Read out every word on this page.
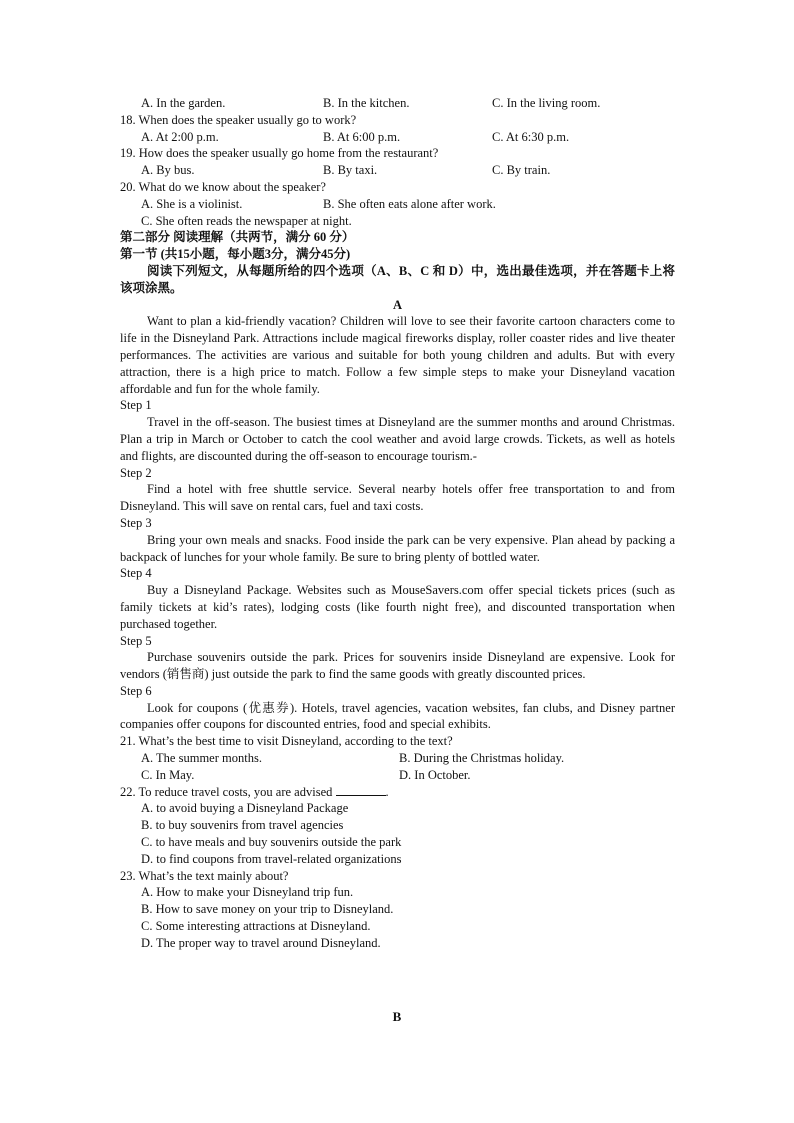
A. In the garden.	B. In the kitchen.	C. In the living room.
18. When does the speaker usually go to work?
A. At 2:00 p.m.	B. At 6:00 p.m.	C. At 6:30 p.m.
19. How does the speaker usually go home from the restaurant?
A. By bus.	B. By taxi.	C. By train.
20. What do we know about the speaker?
A. She is a violinist.	B. She often eats alone after work.
C. She often reads the newspaper at night.
第二部分 阅读理解（共两节，满分 60 分）
第一节 (共15小题，每小题3分，满分45分)
阅读下列短文，从每题所给的四个选项（A、B、C 和 D）中，选出最佳选项，并在答题卡上将该项涂黑。
A
Want to plan a kid-friendly vacation? Children will love to see their favorite cartoon characters come to life in the Disneyland Park. Attractions include magical fireworks display, roller coaster rides and live theater performances. The activities are various and suitable for both young children and adults. But with every attraction, there is a high price to match. Follow a few simple steps to make your Disneyland vacation affordable and fun for the whole family.
Step 1
Travel in the off-season. The busiest times at Disneyland are the summer months and around Christmas. Plan a trip in March or October to catch the cool weather and avoid large crowds. Tickets, as well as hotels and flights, are discounted during the off-season to encourage tourism.-
Step 2
Find a hotel with free shuttle service. Several nearby hotels offer free transportation to and from Disneyland. This will save on rental cars, fuel and taxi costs.
Step 3
Bring your own meals and snacks. Food inside the park can be very expensive. Plan ahead by packing a backpack of lunches for your whole family. Be sure to bring plenty of bottled water.
Step 4
Buy a Disneyland Package. Websites such as MouseSavers.com offer special tickets prices (such as family tickets at kid’s rates), lodging costs (like fourth night free), and discounted transportation when purchased together.
Step 5
Purchase souvenirs outside the park. Prices for souvenirs inside Disneyland are expensive. Look for vendors (销售商) just outside the park to find the same goods with greatly discounted prices.
Step 6
Look for coupons (优惠券). Hotels, travel agencies, vacation websites, fan clubs, and Disney partner companies offer coupons for discounted entries, food and special exhibits.
21. What’s the best time to visit Disneyland, according to the text?
A. The summer months.	B. During the Christmas holiday.
C. In May.	D. In October.
22. To reduce travel costs, you are advised	.
A. to avoid buying a Disneyland Package
B. to buy souvenirs from travel agencies
C. to have meals and buy souvenirs outside the park
D. to find coupons from travel-related organizations
23. What’s the text mainly about?
A. How to make your Disneyland trip fun.
B. How to save money on your trip to Disneyland.
C. Some interesting attractions at Disneyland.
D. The proper way to travel around Disneyland.
B
